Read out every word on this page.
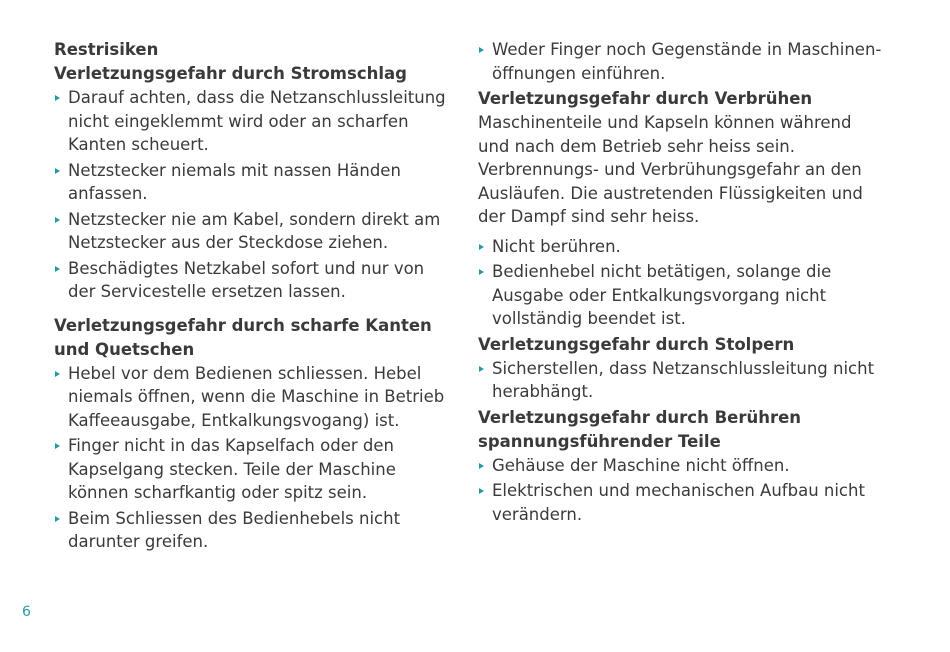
Restrisiken

Verletzungsgefahr durch Stromschlag

Darauf achten, dass die Netzanschlussleitung nicht eingeklemmt wird oder an scharfen Kanten scheuert.
Netzstecker niemals mit nassen Händen anfassen.
Netzstecker nie am Kabel, sondern direkt am Netzstecker aus der Steckdose ziehen.
Beschädigtes Netzkabel sofort und nur von der Servicestelle ersetzen lassen.

Verletzungsgefahr durch scharfe Kanten und Quetschen

Hebel vor dem Bedienen schliessen. Hebel niemals öffnen, wenn die Maschine in Betrieb Kaffeeausgabe, Entkalkungsvogang) ist.
Finger nicht in das Kapselfach oder den Kapselgang stecken. Teile der Maschine können scharfkantig oder spitz sein.
Beim Schliessen des Bedienhebels nicht darunter greifen.
Weder Finger noch Gegenstände in Maschinen-öffnungen einführen.

Verletzungsgefahr durch Verbrühen

Maschinenteile und Kapseln können während und nach dem Betrieb sehr heiss sein. Verbrennungs- und Verbrühungsgefahr an den Ausläufen. Die austretenden Flüssigkeiten und der Dampf sind sehr heiss.

Nicht berühren.
Bedienhebel nicht betätigen, solange die Ausgabe oder Entkalkungsvorgang nicht vollständig beendet ist.

Verletzungsgefahr durch Stolpern

Sicherstellen, dass Netzanschlussleitung nicht herabhängt.

Verletzungsgefahr durch Berühren spannungsführender Teile

Gehäuse der Maschine nicht öffnen.
Elektrischen und mechanischen Aufbau nicht verändern.
6
